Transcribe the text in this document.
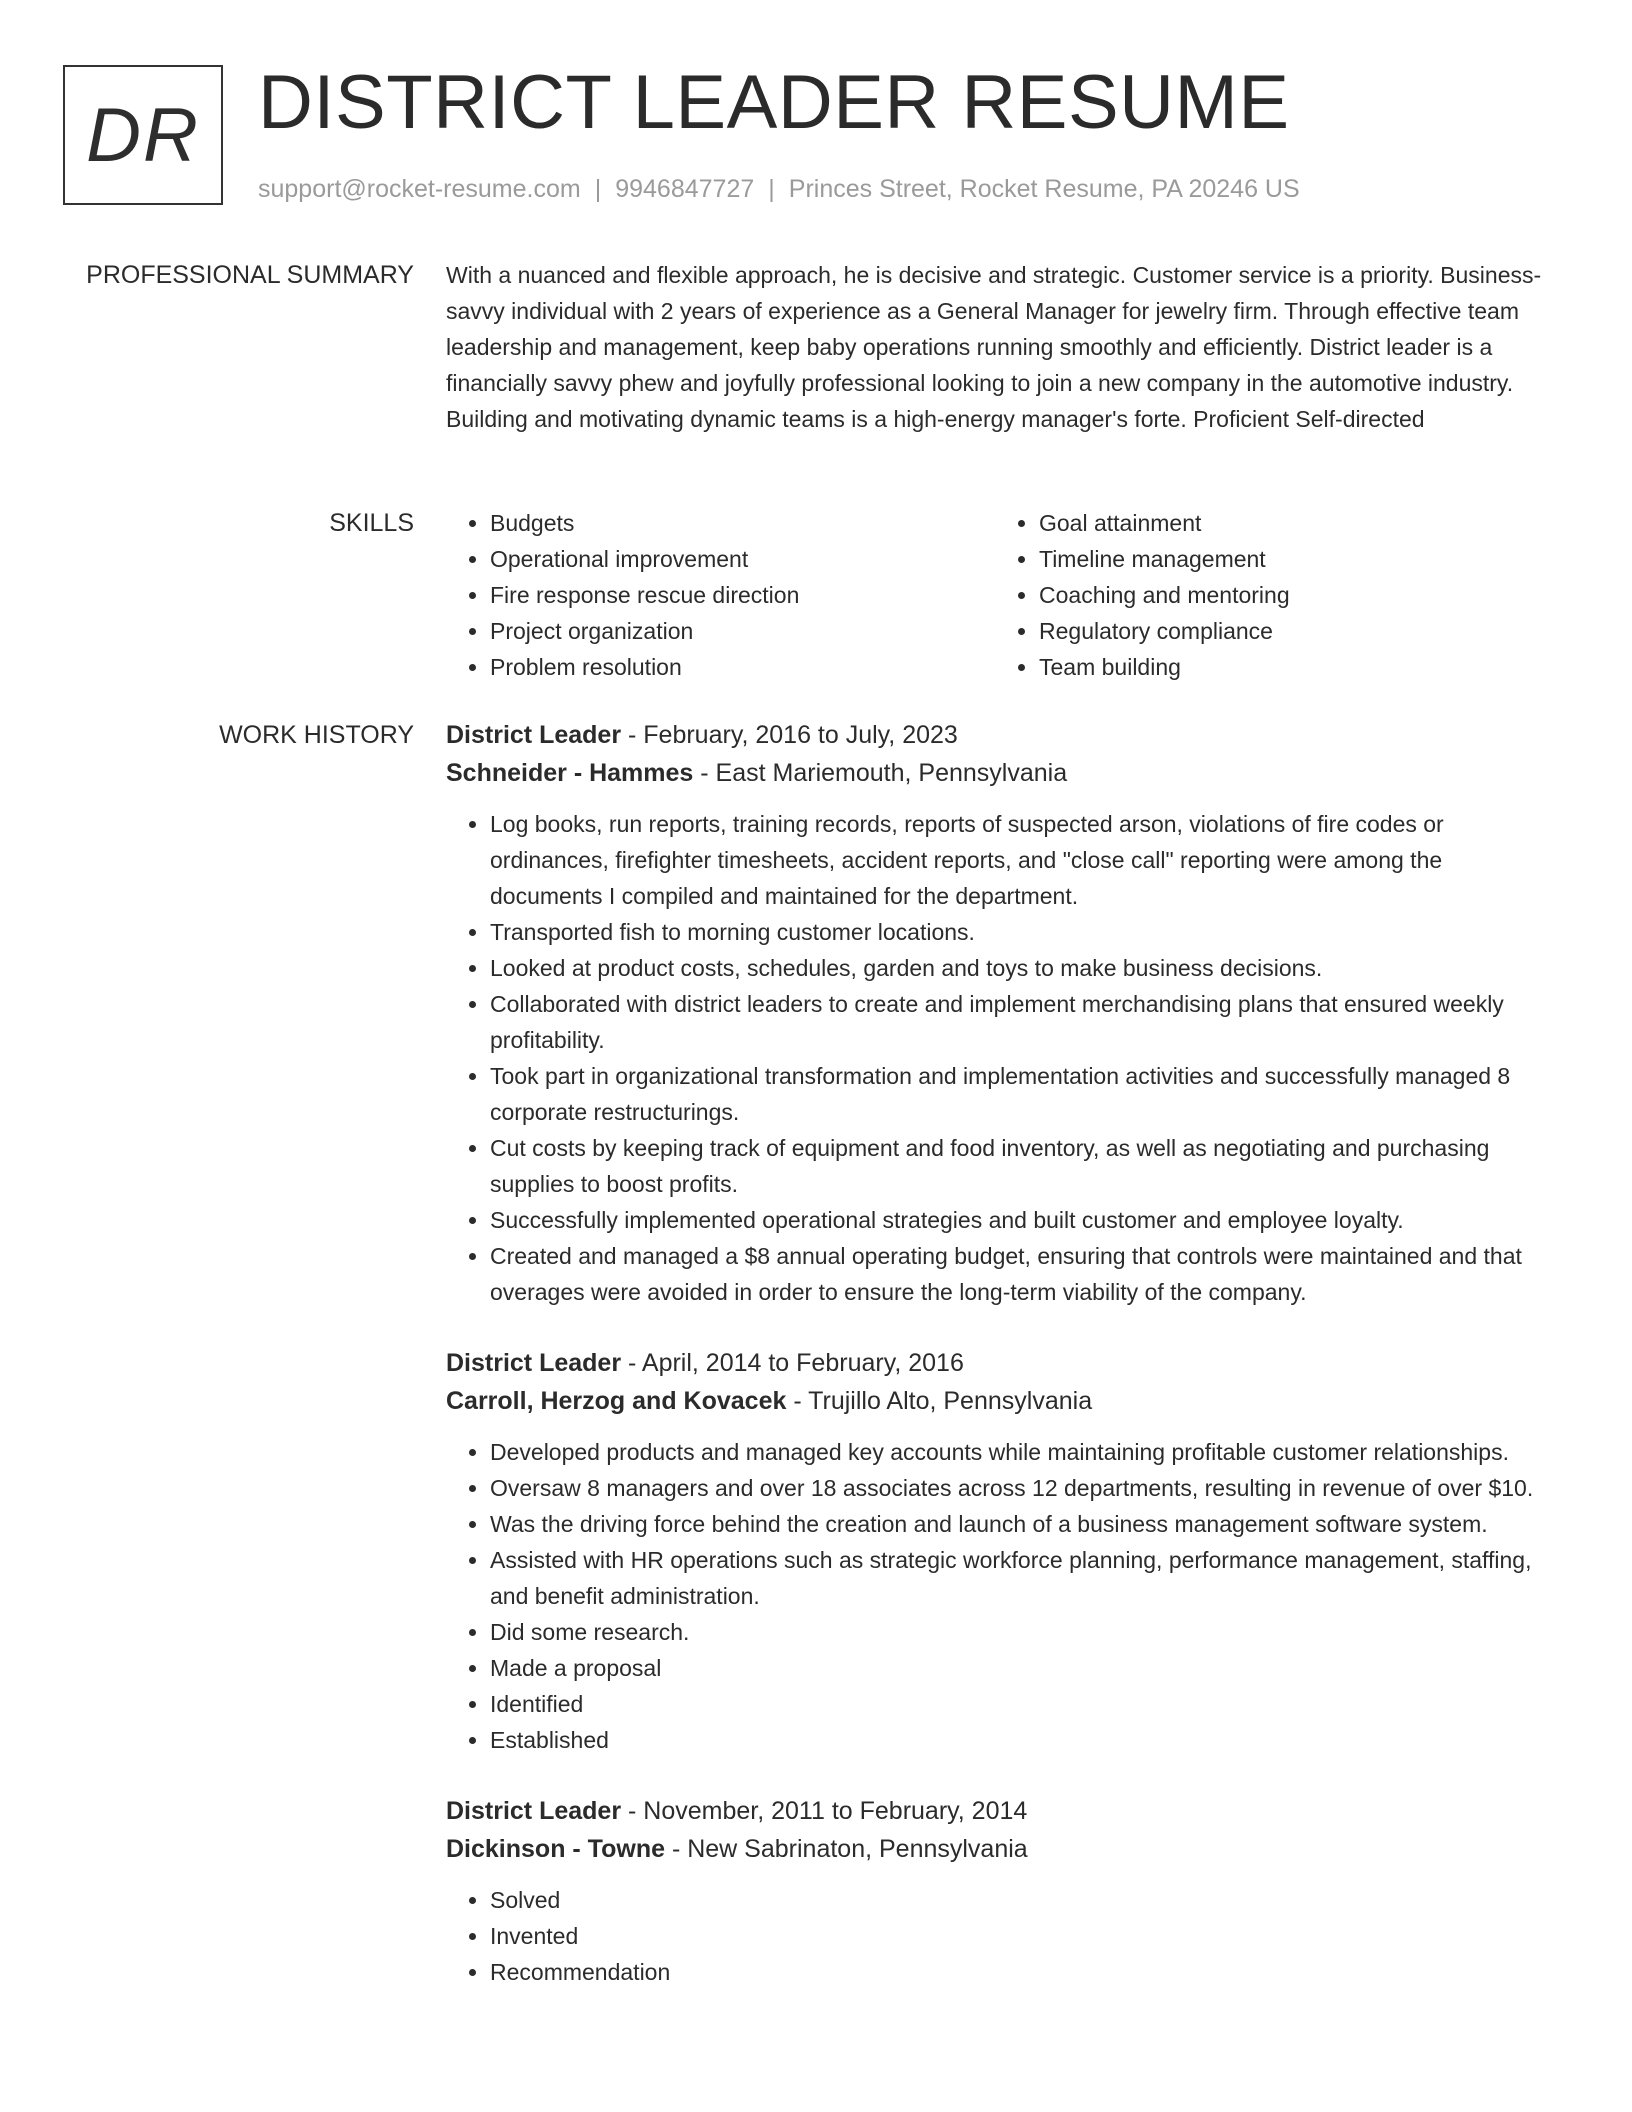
DR DISTRICT LEADER RESUME
support@rocket-resume.com | 9946847727 | Princes Street, Rocket Resume, PA 20246 US
PROFESSIONAL SUMMARY With a nuanced and flexible approach, he is decisive and strategic. Customer service is a priority. Business-savvy individual with 2 years of experience as a General Manager for jewelry firm. Through effective team leadership and management, keep baby operations running smoothly and efficiently. District leader is a financially savvy phew and joyfully professional looking to join a new company in the automotive industry. Building and motivating dynamic teams is a high-energy manager's forte. Proficient Self-directed

SKILLS
•	Budgets
• Operational improvement
• Fire response rescue direction
• Project organization
• Problem resolution
• Goal attainment
• Timeline management
• Coaching and mentoring
• Regulatory compliance
• Team building
WORK HISTORY District Leader - February, 2016 to July, 2023
Schneider - Hammes - East Mariemouth, Pennsylvania
• Log books, run reports, training records, reports of suspected arson, violations of fire codes or ordinances, firefighter timesheets, accident reports, and "close call" reporting were among the documents I compiled and maintained for the department.
• Transported fish to morning customer locations.
• Looked at product costs, schedules, garden and toys to make business decisions.
• Collaborated with district leaders to create and implement merchandising plans that ensured weekly profitability.
• Took part in organizational transformation and implementation activities and successfully managed 8 corporate restructurings.
• Cut costs by keeping track of equipment and food inventory, as well as negotiating and purchasing supplies to boost profits.
• Successfully implemented operational strategies and built customer and employee loyalty.
• Created and managed a $8 annual operating budget, ensuring that controls were maintained and that overages were avoided in order to ensure the long-term viability of the company.
District Leader - April, 2014 to February, 2016
Carroll, Herzog and Kovacek - Trujillo Alto, Pennsylvania
• Developed products and managed key accounts while maintaining profitable customer relationships.
• Oversaw 8 managers and over 18 associates across 12 departments, resulting in revenue of over $10.
• Was the driving force behind the creation and launch of a business management software system.
• Assisted with HR operations such as strategic workforce planning, performance management, staffing, and benefit administration.
• Did some research.
• Made a proposal
• Identified
• Established
District Leader - November, 2011 to February, 2014
Dickinson - Towne - New Sabrinaton, Pennsylvania
• Solved
• Invented
• Recommendation
